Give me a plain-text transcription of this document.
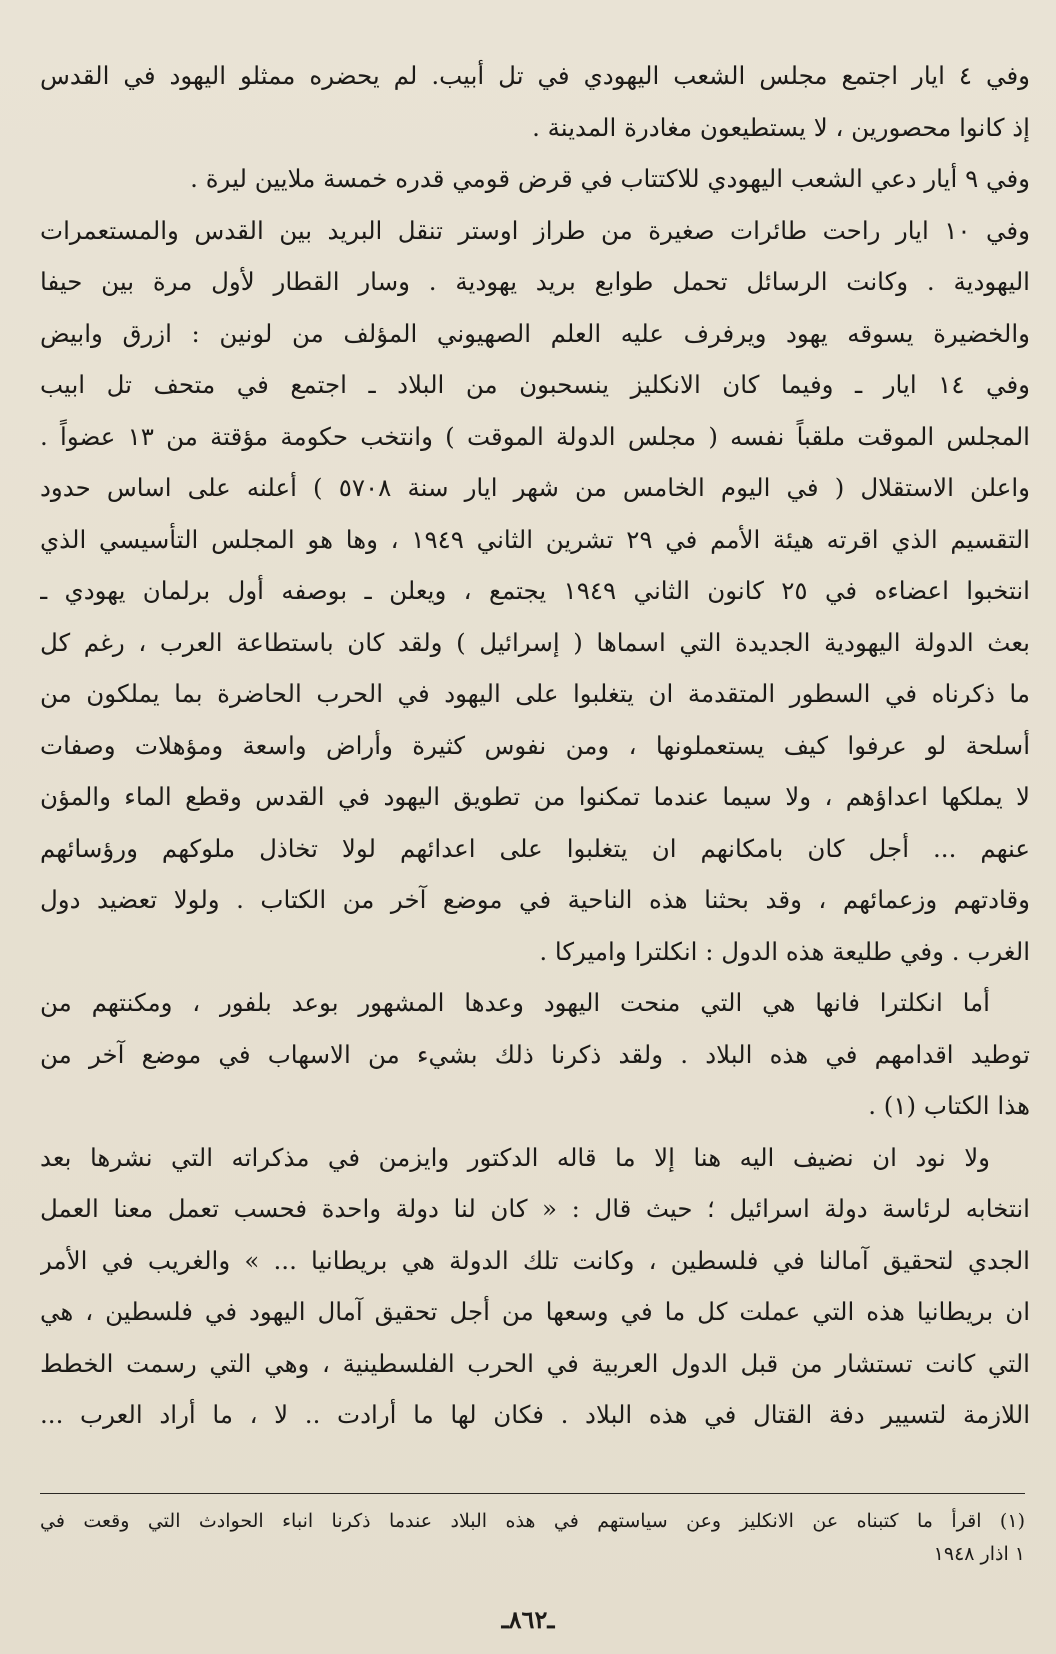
وفي ٤ ايار اجتمع مجلس الشعب اليهودي في تل أبيب. لم يحضره ممثلو اليهود في القدس
إذ كانوا محصورين ، لا يستطيعون مغادرة المدينة .
وفي ٩ أيار دعي الشعب اليهودي للاكتتاب في قرض قومي قدره خمسة ملايين ليرة .
وفي ١٠ ايار راحت طائرات صغيرة من طراز اوستر تنقل البريد بين القدس والمستعمرات
اليهودية . وكانت الرسائل تحمل طوابع بريد يهودية . وسار القطار لأول مرة بين حيفا
والخضيرة يسوقه يهود ويرفرف عليه العلم الصهيوني المؤلف من لونين : ازرق وابيض
وفي ١٤ ايار ـ وفيما كان الانكليز ينسحبون من البلاد ـ اجتمع في متحف تل ابيب
المجلس الموقت ملقباً نفسه ( مجلس الدولة الموقت ) وانتخب حكومة مؤقتة من ١٣ عضواً .
واعلن الاستقلال ( في اليوم الخامس من شهر ايار سنة ٥٧٠٨ ) أعلنه على اساس حدود
التقسيم الذي اقرته هيئة الأمم في ٢٩ تشرين الثاني ١٩٤٩ ، وها هو المجلس التأسيسي الذي
انتخبوا اعضاءه في ٢٥ كانون الثاني ١٩٤٩ يجتمع ، ويعلن ـ بوصفه أول برلمان يهودي ـ
بعث الدولة اليهودية الجديدة التي اسماها ( إسرائيل ) ولقد كان باستطاعة العرب ، رغم كل
ما ذكرناه في السطور المتقدمة ان يتغلبوا على اليهود في الحرب الحاضرة بما يملكون من
أسلحة لو عرفوا كيف يستعملونها ، ومن نفوس كثيرة وأراض واسعة ومؤهلات وصفات
لا يملكها اعداؤهم ، ولا سيما عندما تمكنوا من تطويق اليهود في القدس وقطع الماء والمؤن
عنهم ... أجل كان بامكانهم ان يتغلبوا على اعدائهم لولا تخاذل ملوكهم ورؤسائهم
وقادتهم وزعمائهم ، وقد بحثنا هذه الناحية في موضع آخر من الكتاب . ولولا تعضيد دول
الغرب . وفي طليعة هذه الدول : انكلترا واميركا .
أما انكلترا فانها هي التي منحت اليهود وعدها المشهور بوعد بلفور ، ومكنتهم من
توطيد اقدامهم في هذه البلاد . ولقد ذكرنا ذلك بشيء من الاسهاب في موضع آخر من
هذا الكتاب (١) .
ولا نود ان نضيف اليه هنا إلا ما قاله الدكتور وايزمن في مذكراته التي نشرها بعد
انتخابه لرئاسة دولة اسرائيل ؛ حيث قال : « كان لنا دولة واحدة فحسب تعمل معنا العمل
الجدي لتحقيق آمالنا في فلسطين ، وكانت تلك الدولة هي بريطانيا ... » والغريب في الأمر
ان بريطانيا هذه التي عملت كل ما في وسعها من أجل تحقيق آمال اليهود في فلسطين ، هي
التي كانت تستشار من قبل الدول العربية في الحرب الفلسطينية ، وهي التي رسمت الخطط
اللازمة لتسيير دفة القتال في هذه البلاد . فكان لها ما أرادت .. لا ، ما أراد العرب ...
(١) اقرأ ما كتبناه عن الانكليز وعن سياستهم في هذه البلاد عندما ذكرنا انباء الحوادث التي وقعت في
١ اذار ١٩٤٨
ـ٨٦٢ـ
